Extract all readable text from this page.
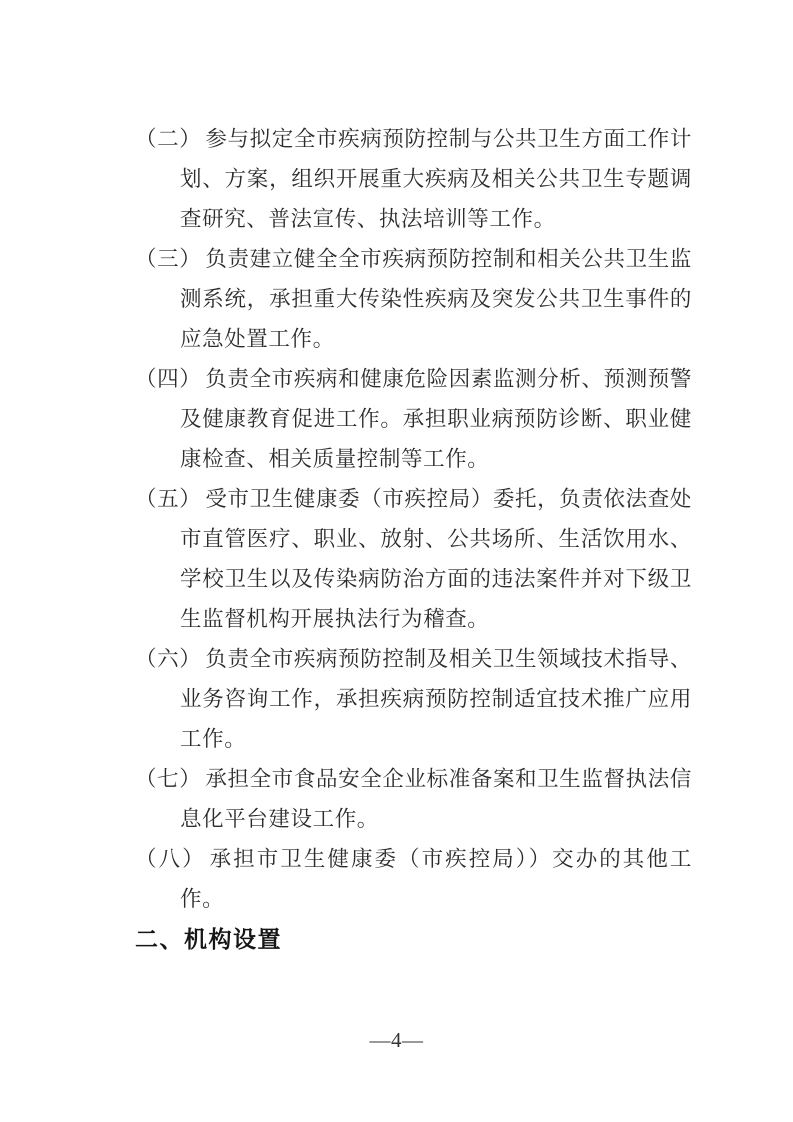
（二） 参与拟定全市疾病预防控制与公共卫生方面工作计划、方案，组织开展重大疾病及相关公共卫生专题调查研究、普法宣传、执法培训等工作。

（三） 负责建立健全全市疾病预防控制和相关公共卫生监测系统，承担重大传染性疾病及突发公共卫生事件的应急处置工作。

（四） 负责全市疾病和健康危险因素监测分析、预测预警及健康教育促进工作。承担职业病预防诊断、职业健康检查、相关质量控制等工作。

（五） 受市卫生健康委（市疾控局）委托，负责依法查处市直管医疗、职业、放射、公共场所、生活饮用水、学校卫生以及传染病防治方面的违法案件并对下级卫生监督机构开展执法行为稽查。

（六） 负责全市疾病预防控制及相关卫生领域技术指导、业务咨询工作，承担疾病预防控制适宜技术推广应用工作。

（七） 承担全市食品安全企业标准备案和卫生监督执法信息化平台建设工作。

（八） 承担市卫生健康委（市疾控局））交办的其他工作。

二、机构设置
—4—
